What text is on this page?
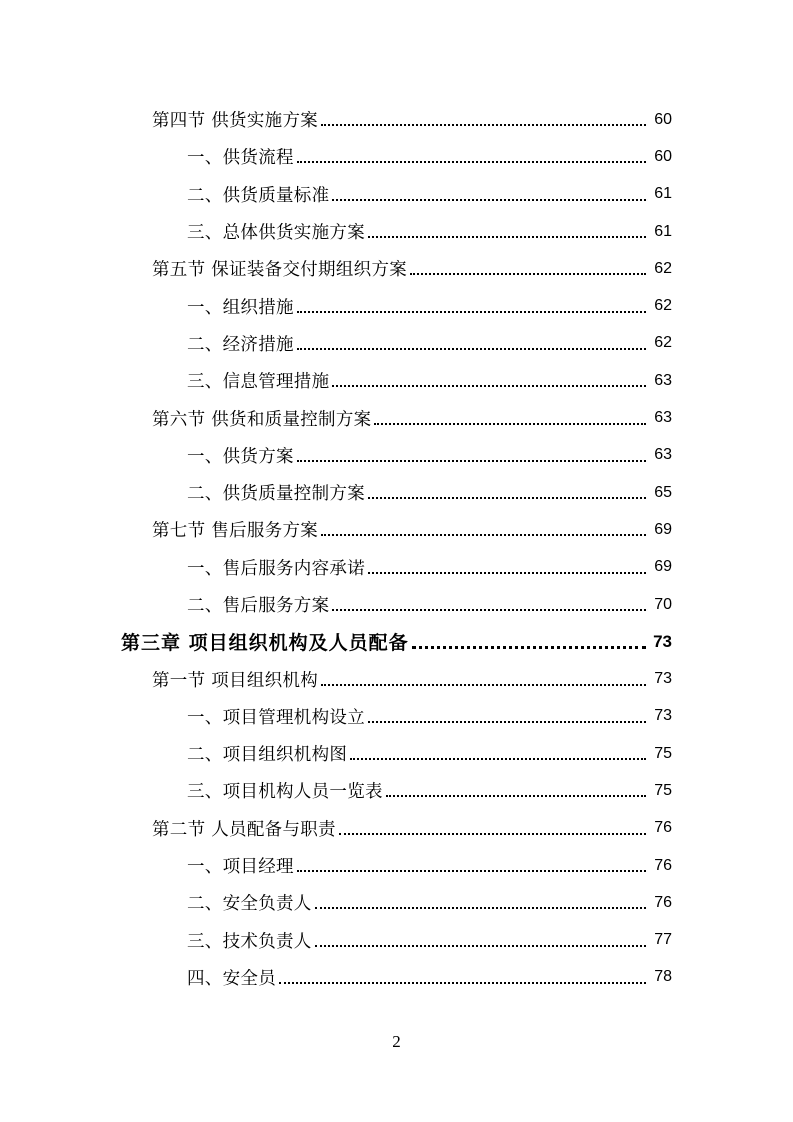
第四节 供货实施方案	60
一、供货流程	60
二、供货质量标准	61
三、总体供货实施方案	61
第五节 保证装备交付期组织方案	62
一、组织措施	62
二、经济措施	62
三、信息管理措施	63
第六节 供货和质量控制方案	63
一、供货方案	63
二、供货质量控制方案	65
第七节 售后服务方案	69
一、售后服务内容承诺	69
二、售后服务方案	70
第三章 项目组织机构及人员配备	73
第一节 项目组织机构	73
一、项目管理机构设立	73
二、项目组织机构图	75
三、项目机构人员一览表	75
第二节 人员配备与职责	76
一、项目经理	76
二、安全负责人	76
三、技术负责人	77
四、安全员	78
2
